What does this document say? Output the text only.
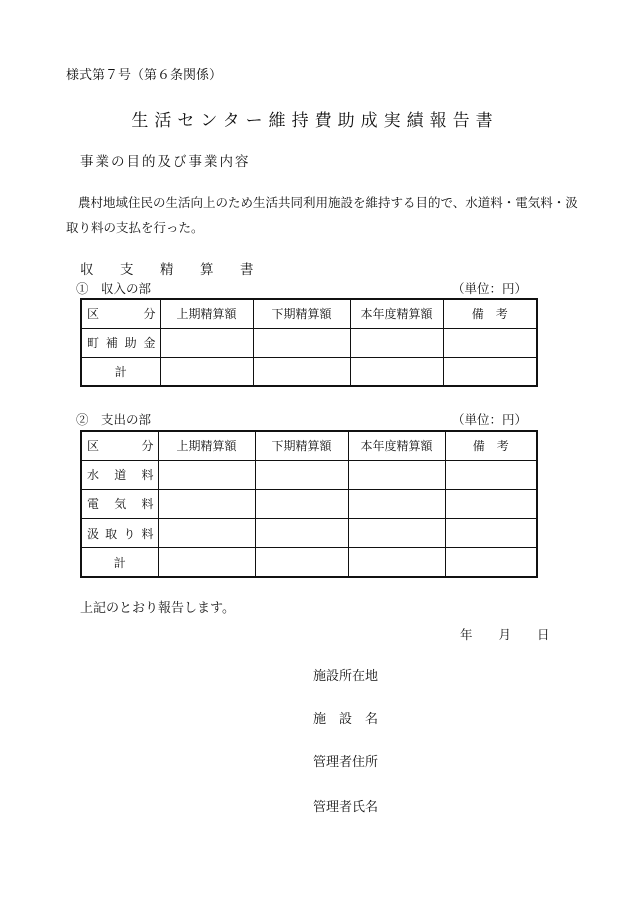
様式第７号（第６条関係）
生活センター維持費助成実績報告書
事業の目的及び事業内容
農村地域住民の生活向上のため生活共同利用施設を維持する目的で、水道料・電気料・汲取り料の支払を行った。
収	支	精	算	書
①　収入の部	（単位：円）
区　　　分	上期精算額	下期精算額	本年度精算額	備　考
町補助金				
計				
②　支出の部	（単位：円）
区　　　分	上期精算額	下期精算額	本年度精算額	備　考
水道料				
電気料				
汲取り料				
計				
上記のとおり報告します。
年 月 日
施設所在地
施　設　名
管理者住所
管理者氏名
